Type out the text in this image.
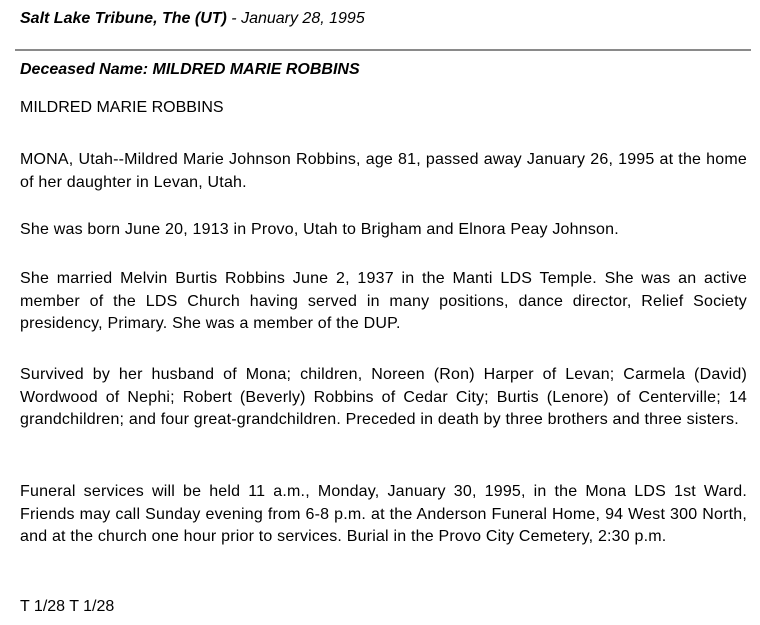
Salt Lake Tribune, The (UT) - January 28, 1995
Deceased Name: MILDRED MARIE ROBBINS
MILDRED MARIE ROBBINS
MONA, Utah--Mildred Marie Johnson Robbins, age 81, passed away January 26, 1995 at the home of her daughter in Levan, Utah.
She was born June 20, 1913 in Provo, Utah to Brigham and Elnora Peay Johnson.
She married Melvin Burtis Robbins June 2, 1937 in the Manti LDS Temple. She was an active member of the LDS Church having served in many positions, dance director, Relief Society presidency, Primary. She was a member of the DUP.
Survived by her husband of Mona; children, Noreen (Ron) Harper of Levan; Carmela (David) Wordwood of Nephi; Robert (Beverly) Robbins of Cedar City; Burtis (Lenore) of Centerville; 14 grandchildren; and four great-grandchildren. Preceded in death by three brothers and three sisters.
Funeral services will be held 11 a.m., Monday, January 30, 1995, in the Mona LDS 1st Ward. Friends may call Sunday evening from 6-8 p.m. at the Anderson Funeral Home, 94 West 300 North, and at the church one hour prior to services. Burial in the Provo City Cemetery, 2:30 p.m.
T 1/28 T 1/28
